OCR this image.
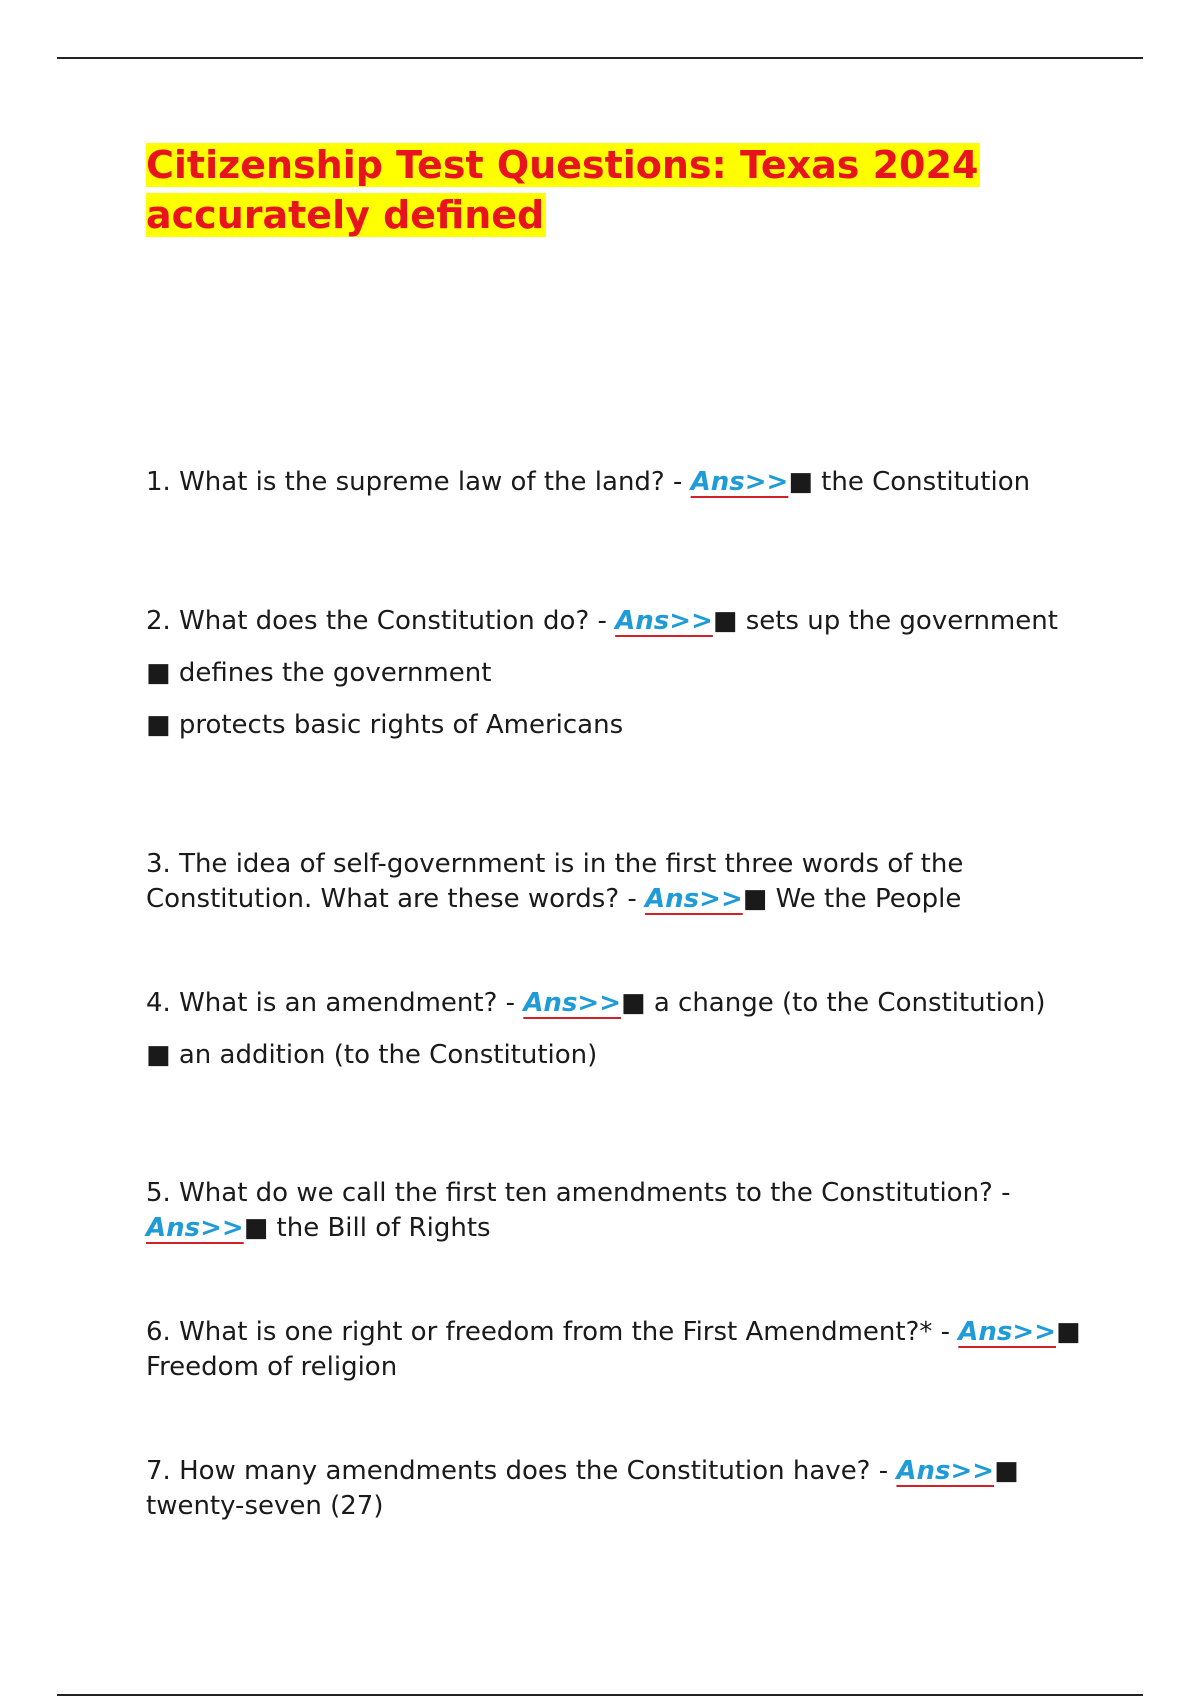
Citizenship Test Questions: Texas 2024
accurately defined

1. What is the supreme law of the land? - Ans>>■ the Constitution

2. What does the Constitution do? - Ans>>■ sets up the government

■ defines the government

■ protects basic rights of Americans

3. The idea of self-government is in the first three words of the Constitution. What are these words? - Ans>>■ We the People

4. What is an amendment? - Ans>>■ a change (to the Constitution)

■ an addition (to the Constitution)

5. What do we call the first ten amendments to the Constitution? - Ans>>■ the Bill of Rights

6. What is one right or freedom from the First Amendment?* - Ans>>■ Freedom of religion

7. How many amendments does the Constitution have? - Ans>>■ twenty-seven (27)
